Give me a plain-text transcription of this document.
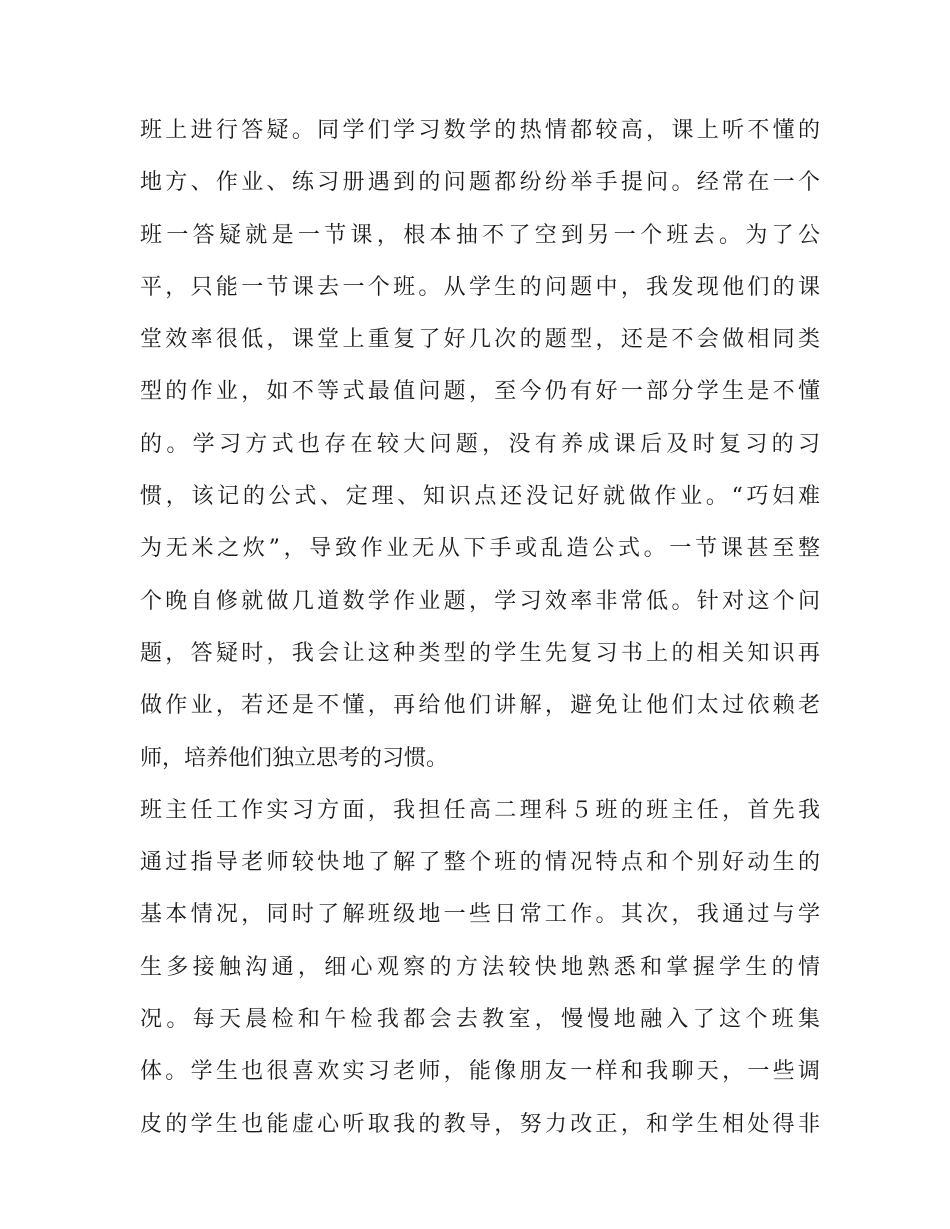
班上进行答疑。同学们学习数学的热情都较高，课上听不懂的
地方、作业、练习册遇到的问题都纷纷举手提问。经常在一个
班一答疑就是一节课，根本抽不了空到另一个班去。为了公
平，只能一节课去一个班。从学生的问题中，我发现他们的课
堂效率很低，课堂上重复了好几次的题型，还是不会做相同类
型的作业，如不等式最值问题，至今仍有好一部分学生是不懂
的。学习方式也存在较大问题，没有养成课后及时复习的习
惯，该记的公式、定理、知识点还没记好就做作业。“巧妇难
为无米之炊”，导致作业无从下手或乱造公式。一节课甚至整
个晚自修就做几道数学作业题，学习效率非常低。针对这个问
题，答疑时，我会让这种类型的学生先复习书上的相关知识再
做作业，若还是不懂，再给他们讲解，避免让他们太过依赖老
师，培养他们独立思考的习惯。
班主任工作实习方面，我担任高二理科５班的班主任，首先我
通过指导老师较快地了解了整个班的情况特点和个别好动生的
基本情况，同时了解班级地一些日常工作。其次，我通过与学
生多接触沟通，细心观察的方法较快地熟悉和掌握学生的情
况。每天晨检和午检我都会去教室，慢慢地融入了这个班集
体。学生也很喜欢实习老师，能像朋友一样和我聊天，一些调
皮的学生也能虚心听取我的教导，努力改正，和学生相处得非
